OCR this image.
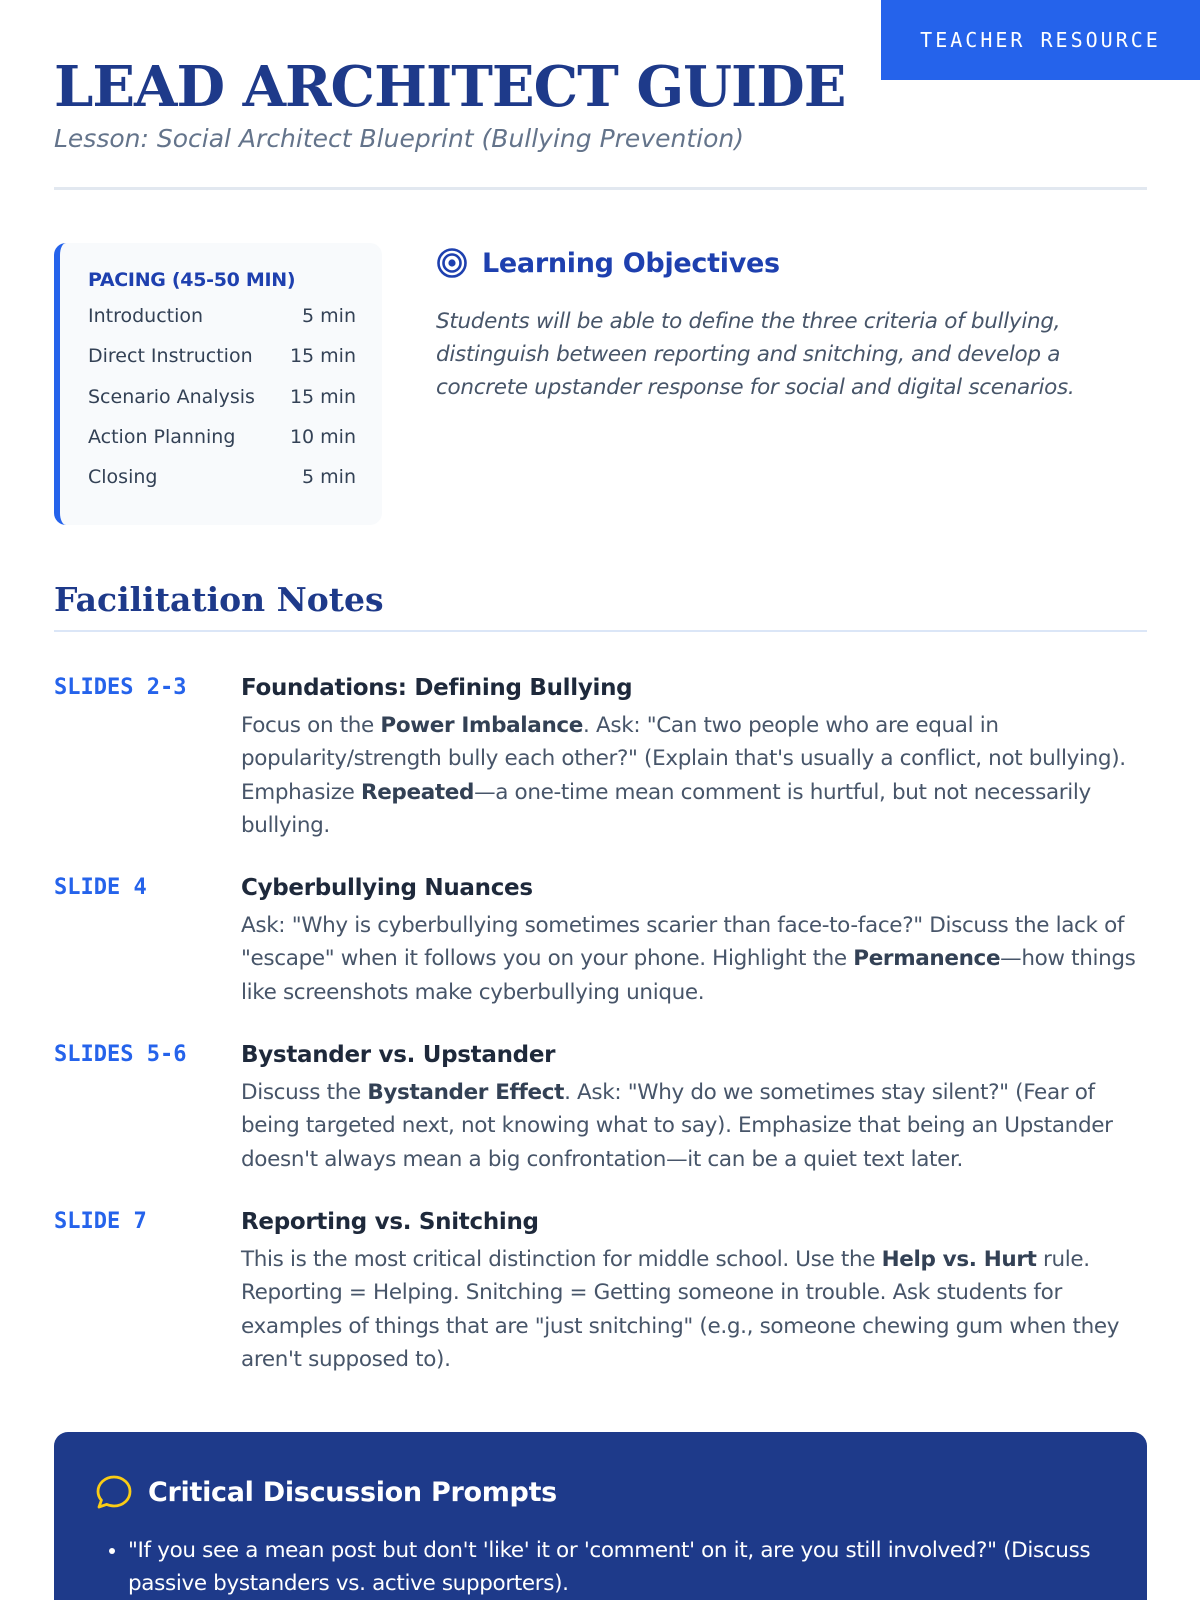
TEACHER RESOURCE
LEAD ARCHITECT GUIDE
Lesson: Social Architect Blueprint (Bullying Prevention)
PACING (45-50 MIN)
Introduction	5 min
Direct Instruction 15 min
Scenario Analysis 15 min
Action Planning	10 min
Closing	5 min
Learning Objectives

Students will be able to define the three criteria of bullying, distinguish between reporting and snitching, and develop a concrete upstander response for social and digital scenarios.

Facilitation Notes
SLIDES 2-3	Foundations: Defining Bullying

Focus on the Power Imbalance. Ask: "Can two people who are equal in popularity/strength bully each other?" (Explain that's usually a conflict, not bullying). Emphasize Repeated—a one-time mean comment is hurtful, but not necessarily bullying.

SLIDE 4	Cyberbullying Nuances

Ask: "Why is cyberbullying sometimes scarier than face-to-face?" Discuss the lack of "escape" when it follows you on your phone. Highlight the Permanence—how things like screenshots make cyberbullying unique.

SLIDES 5-6	Bystander vs. Upstander

Discuss the Bystander Effect. Ask: "Why do we sometimes stay silent?" (Fear of being targeted next, not knowing what to say). Emphasize that being an Upstander doesn't always mean a big confrontation—it can be a quiet text later.

SLIDE 7	Reporting vs. Snitching

This is the most critical distinction for middle school. Use the Help vs. Hurt rule. Reporting = Helping. Snitching = Getting someone in trouble. Ask students for examples of things that are "just snitching" (e.g., someone chewing gum when they aren't supposed to).

Critical Discussion Prompts
• "If you see a mean post but don't 'like' it or 'comment' on it, are you still involved?" (Discuss passive bystanders vs. active supporters).
